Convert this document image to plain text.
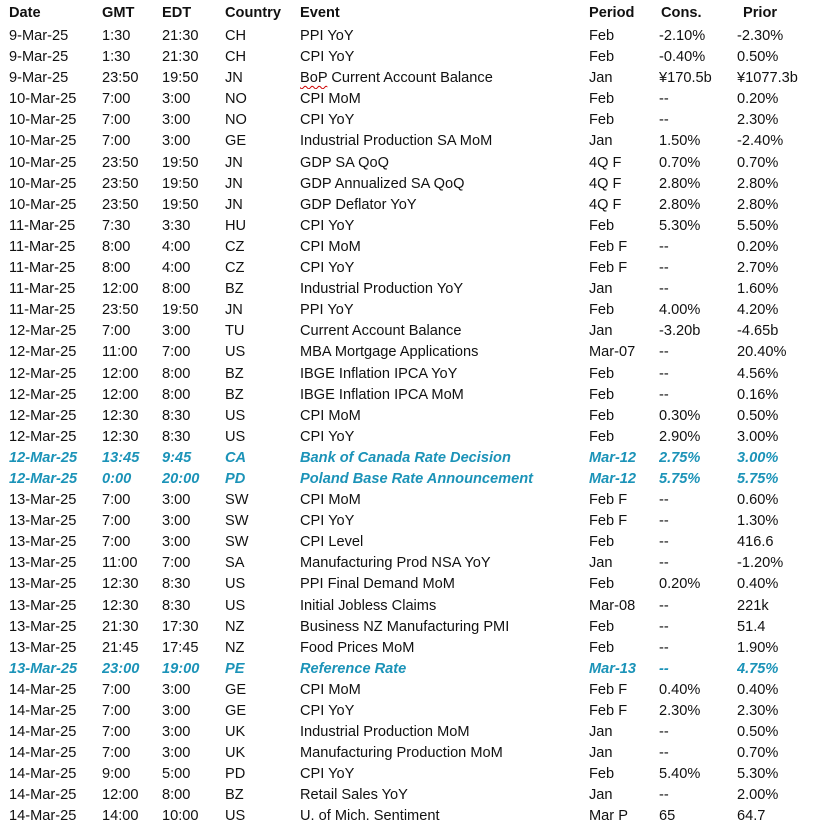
Date	GMT	EDT	Country	Event	Period	Cons.	Prior
9-Mar-25	1:30	21:30	CH	PPI YoY	Feb	-2.10%	-2.30%
9-Mar-25	1:30	21:30	CH	CPI YoY	Feb	-0.40%	0.50%
9-Mar-25	23:50	19:50	JN	BoP Current Account Balance	Jan	¥170.5b	¥1077.3b
10-Mar-25	7:00	3:00	NO	CPI MoM	Feb	--	0.20%
10-Mar-25	7:00	3:00	NO	CPI YoY	Feb	--	2.30%
10-Mar-25	7:00	3:00	GE	Industrial Production SA MoM	Jan	1.50%	-2.40%
10-Mar-25	23:50	19:50	JN	GDP SA QoQ	4Q F	0.70%	0.70%
10-Mar-25	23:50	19:50	JN	GDP Annualized SA QoQ	4Q F	2.80%	2.80%
10-Mar-25	23:50	19:50	JN	GDP Deflator YoY	4Q F	2.80%	2.80%
11-Mar-25	7:30	3:30	HU	CPI YoY	Feb	5.30%	5.50%
11-Mar-25	8:00	4:00	CZ	CPI MoM	Feb F	--	0.20%
11-Mar-25	8:00	4:00	CZ	CPI YoY	Feb F	--	2.70%
11-Mar-25	12:00	8:00	BZ	Industrial Production YoY	Jan	--	1.60%
11-Mar-25	23:50	19:50	JN	PPI YoY	Feb	4.00%	4.20%
12-Mar-25	7:00	3:00	TU	Current Account Balance	Jan	-3.20b	-4.65b
12-Mar-25	11:00	7:00	US	MBA Mortgage Applications	Mar-07	--	20.40%
12-Mar-25	12:00	8:00	BZ	IBGE Inflation IPCA YoY	Feb	--	4.56%
12-Mar-25	12:00	8:00	BZ	IBGE Inflation IPCA MoM	Feb	--	0.16%
12-Mar-25	12:30	8:30	US	CPI MoM	Feb	0.30%	0.50%
12-Mar-25	12:30	8:30	US	CPI YoY	Feb	2.90%	3.00%
12-Mar-25	13:45	9:45	CA	Bank of Canada Rate Decision	Mar-12	2.75%	3.00%
12-Mar-25	0:00	20:00	PD	Poland Base Rate Announcement	Mar-12	5.75%	5.75%
13-Mar-25	7:00	3:00	SW	CPI MoM	Feb F	--	0.60%
13-Mar-25	7:00	3:00	SW	CPI YoY	Feb F	--	1.30%
13-Mar-25	7:00	3:00	SW	CPI Level	Feb	--	416.6
13-Mar-25	11:00	7:00	SA	Manufacturing Prod NSA YoY	Jan	--	-1.20%
13-Mar-25	12:30	8:30	US	PPI Final Demand MoM	Feb	0.20%	0.40%
13-Mar-25	12:30	8:30	US	Initial Jobless Claims	Mar-08	--	221k
13-Mar-25	21:30	17:30	NZ	Business NZ Manufacturing PMI	Feb	--	51.4
13-Mar-25	21:45	17:45	NZ	Food Prices MoM	Feb	--	1.90%
13-Mar-25	23:00	19:00	PE	Reference Rate	Mar-13	--	4.75%
14-Mar-25	7:00	3:00	GE	CPI MoM	Feb F	0.40%	0.40%
14-Mar-25	7:00	3:00	GE	CPI YoY	Feb F	2.30%	2.30%
14-Mar-25	7:00	3:00	UK	Industrial Production MoM	Jan	--	0.50%
14-Mar-25	7:00	3:00	UK	Manufacturing Production MoM	Jan	--	0.70%
14-Mar-25	9:00	5:00	PD	CPI YoY	Feb	5.40%	5.30%
14-Mar-25	12:00	8:00	BZ	Retail Sales YoY	Jan	--	2.00%
14-Mar-25	14:00	10:00	US	U. of Mich. Sentiment	Mar P	65	64.7
